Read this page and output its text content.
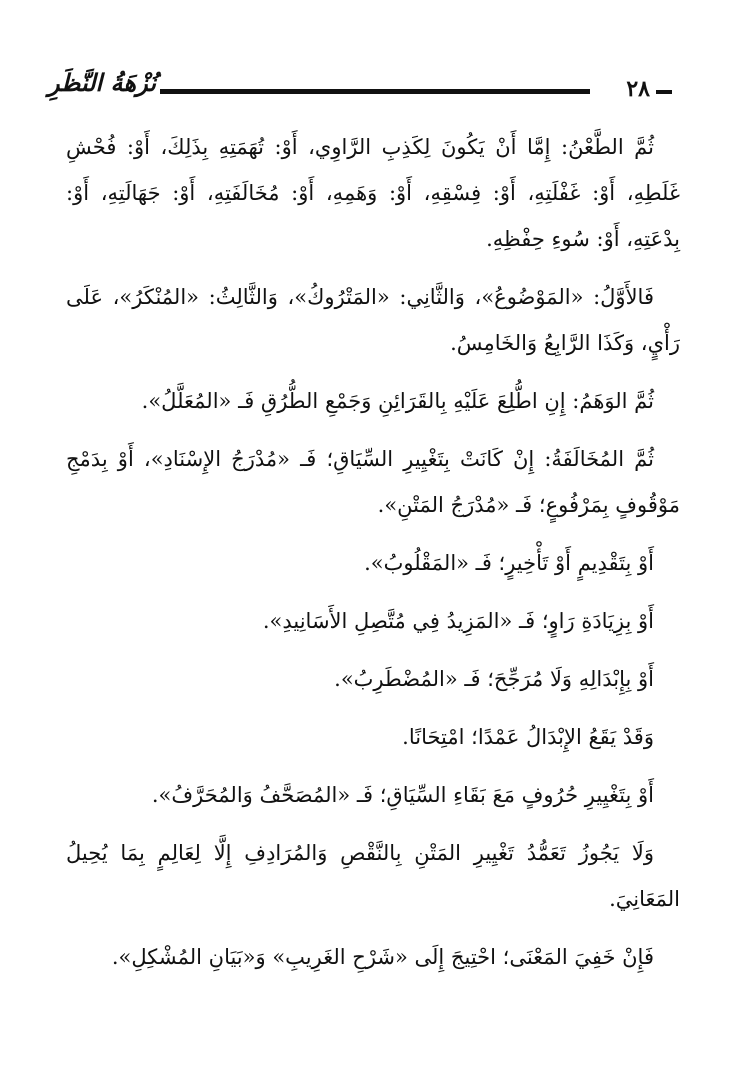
٢٨
نُزْهَةُ النَّظَرِ

ثُمَّ الطَّعْنُ: إِمَّا أَنْ يَكُونَ لِكَذِبِ الرَّاوِي، أَوْ: تُهَمَتِهِ بِذَلِكَ، أَوْ: فُحْشِ غَلَطِهِ، أَوْ: غَفْلَتِهِ، أَوْ: فِسْقِهِ، أَوْ: وَهَمِهِ، أَوْ: مُخَالَفَتِهِ، أَوْ: جَهَالَتِهِ، أَوْ: بِدْعَتِهِ، أَوْ: سُوءِ حِفْظِهِ.

فَالأَوَّلُ: «المَوْضُوعُ»، وَالثَّانِي: «المَتْرُوكُ»، وَالثَّالِثُ: «المُنْكَرُ»، عَلَى رَأْيٍ، وَكَذَا الرَّابِعُ وَالخَامِسُ.

ثُمَّ الوَهَمُ: إِنِ اطُّلِعَ عَلَيْهِ بِالقَرَائِنِ وَجَمْعِ الطُّرُقِ فَـ «المُعَلَّلُ».

ثُمَّ المُخَالَفَةُ: إِنْ كَانَتْ بِتَغْيِيرِ السِّيَاقِ؛ فَـ «مُدْرَجُ الإِسْنَادِ»، أَوْ بِدَمْجِ مَوْقُوفٍ بِمَرْفُوعٍ؛ فَـ «مُدْرَجُ المَتْنِ».

أَوْ بِتَقْدِيمٍ أَوْ تَأْخِيرٍ؛ فَـ «المَقْلُوبُ».

أَوْ بِزِيَادَةِ رَاوٍ؛ فَـ «المَزِيدُ فِي مُتَّصِلِ الأَسَانِيدِ».

أَوْ بِإِبْدَالِهِ وَلَا مُرَجِّحَ؛ فَـ «المُضْطَرِبُ».

وَقَدْ يَقَعُ الإِبْدَالُ عَمْدًا؛ امْتِحَانًا.

أَوْ بِتَغْيِيرِ حُرُوفٍ مَعَ بَقَاءِ السِّيَاقِ؛ فَـ «المُصَحَّفُ وَالمُحَرَّفُ».

وَلَا يَجُوزُ تَعَمُّدُ تَغْيِيرِ المَتْنِ بِالنَّقْصِ وَالمُرَادِفِ إِلَّا لِعَالِمٍ بِمَا يُحِيلُ المَعَانِيَ.

فَإِنْ خَفِيَ المَعْنَى؛ احْتِيجَ إِلَى «شَرْحِ الغَرِيبِ» وَ«بَيَانِ المُشْكِلِ».
